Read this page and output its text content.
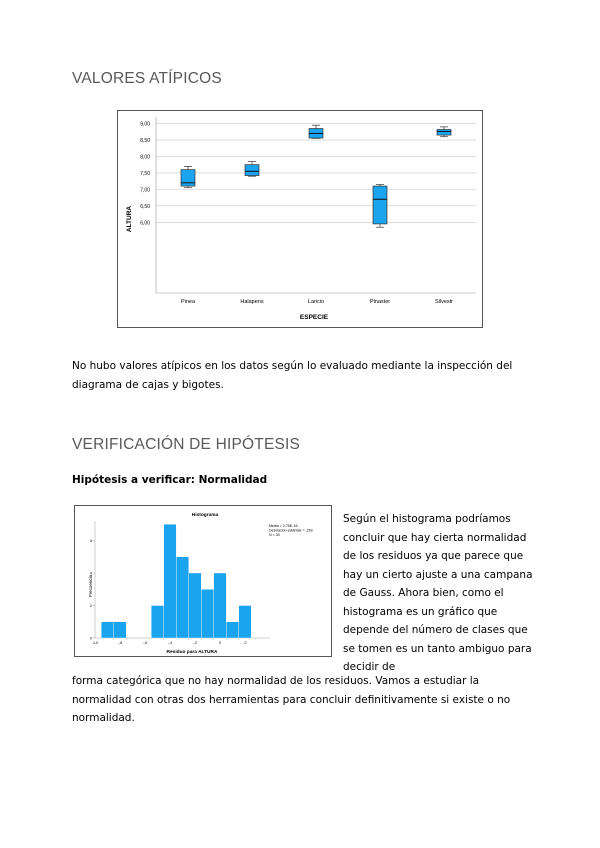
VALORES ATÍPICOS
ALTURA
ESPECIE
9,00
8,50
8,00
7,50
7,00
6,50
6,00
Pinea	Halapens	Laricio	Pinaster	Silvestr

No hubo valores atípicos en los datos según lo evaluado mediante la inspección del diagrama de cajas y bigotes.

VERIFICACIÓN DE HIPÓTESIS

Hipótesis a verificar: Normalidad

Histograma
Frecuencia
Residuo para ALTURA
Media = 2,75E-16
Desviación estándar = ,293
N = 30
0
2
4
6
-1,0	-,8	-,6	-,4	-,2	0	,2

Según el histograma podríamos concluir que hay cierta normalidad de los residuos ya que parece que hay un cierto ajuste a una campana de Gauss. Ahora bien, como el histograma es un gráfico que depende del número de clases que se tomen es un tanto ambiguo para decidir de

forma categórica que no hay normalidad de los residuos. Vamos a estudiar la normalidad con otras dos herramientas para concluir definitivamente si existe o no normalidad.
